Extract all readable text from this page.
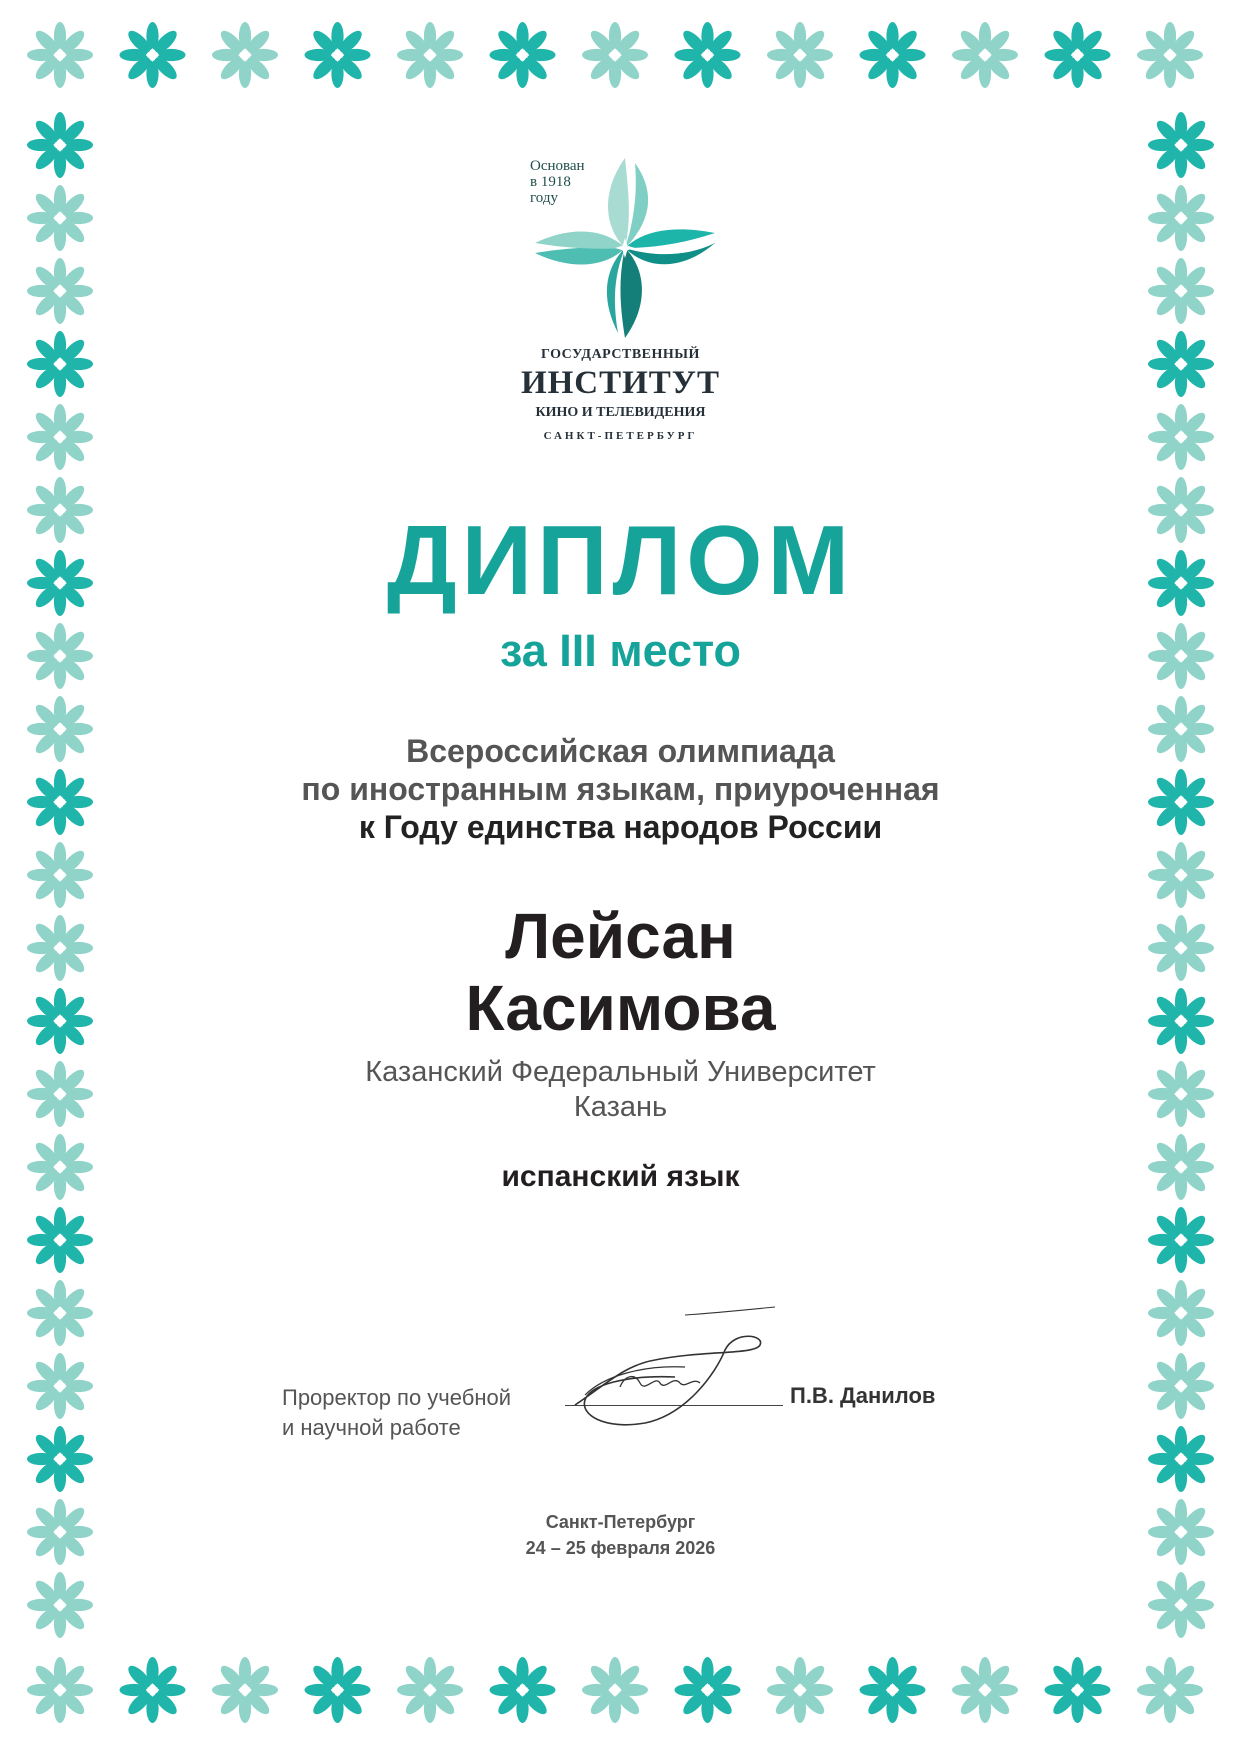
Основан
в 1918
году
ГОСУДАРСТВЕННЫЙ
ИНСТИТУТ
КИНО И ТЕЛЕВИДЕНИЯ
САНКТ-ПЕТЕРБУРГ
ДИПЛОМ
за III место
Всероссийская олимпиада
по иностранным языкам, приуроченная
к Году единства народов России
Лейсан
Касимова
Казанский Федеральный Университет
Казань
испанский язык
Проректор по учебной
и научной работе
П.В. Данилов
Санкт-Петербург
24 – 25 февраля 2026
